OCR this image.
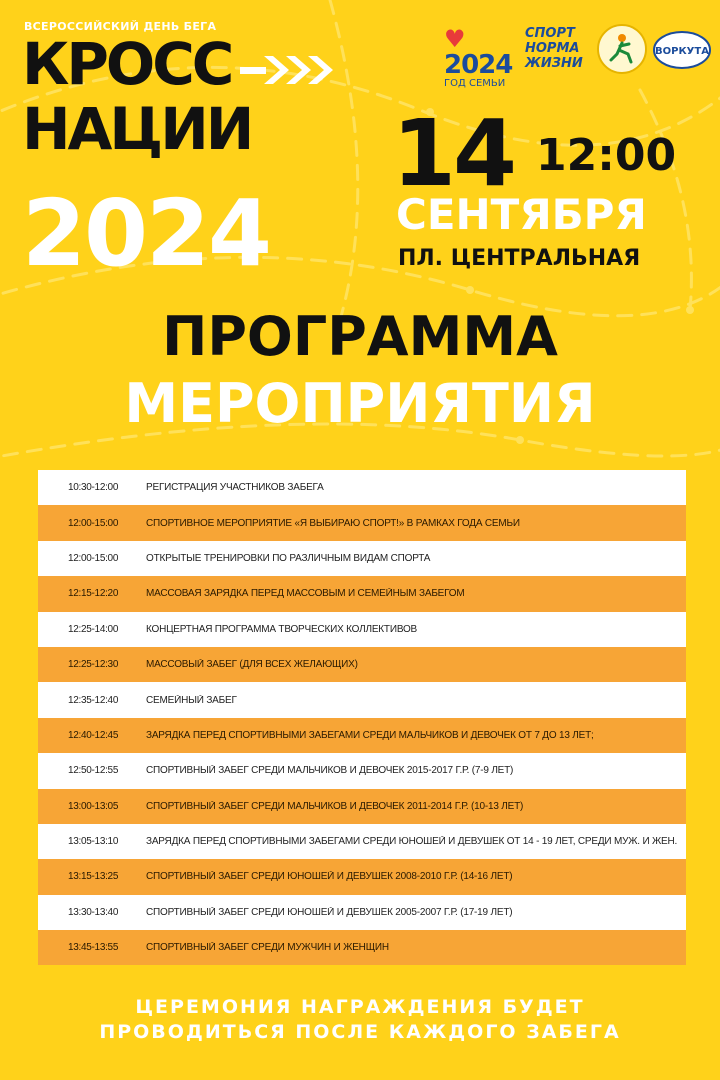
ВСЕРОССИЙСКИЙ ДЕНЬ БЕГА
КРОСС
НАЦИИ
2024
♥2024
ГОД СЕМЬИ
СПОРТ
НОРМА
ЖИЗНИ
ВОРКУТА
14 12:00
СЕНТЯБРЯ
ПЛ. ЦЕНТРАЛЬНАЯ
ПРОГРАММА
МЕРОПРИЯТИЯ
10:30-12:00	РЕГИСТРАЦИЯ УЧАСТНИКОВ ЗАБЕГА
12:00-15:00	СПОРТИВНОЕ МЕРОПРИЯТИЕ «Я ВЫБИРАЮ СПОРТ!» В РАМКАХ ГОДА СЕМЬИ
12:00-15:00	ОТКРЫТЫЕ ТРЕНИРОВКИ ПО РАЗЛИЧНЫМ ВИДАМ СПОРТА
12:15-12:20	МАССОВАЯ ЗАРЯДКА ПЕРЕД МАССОВЫМ И СЕМЕЙНЫМ ЗАБЕГОМ
12:25-14:00	КОНЦЕРТНАЯ ПРОГРАММА ТВОРЧЕСКИХ КОЛЛЕКТИВОВ
12:25-12:30	МАССОВЫЙ ЗАБЕГ (ДЛЯ ВСЕХ ЖЕЛАЮЩИХ)
12:35-12:40	СЕМЕЙНЫЙ ЗАБЕГ
12:40-12:45	ЗАРЯДКА ПЕРЕД СПОРТИВНЫМИ ЗАБЕГАМИ СРЕДИ МАЛЬЧИКОВ И ДЕВОЧЕК ОТ 7 ДО 13 ЛЕТ;
12:50-12:55	СПОРТИВНЫЙ ЗАБЕГ СРЕДИ МАЛЬЧИКОВ И ДЕВОЧЕК 2015-2017 Г.Р. (7-9 ЛЕТ)
13:00-13:05	СПОРТИВНЫЙ ЗАБЕГ СРЕДИ МАЛЬЧИКОВ И ДЕВОЧЕК 2011-2014 Г.Р. (10-13 ЛЕТ)
13:05-13:10	ЗАРЯДКА ПЕРЕД СПОРТИВНЫМИ ЗАБЕГАМИ СРЕДИ ЮНОШЕЙ И ДЕВУШЕК ОТ 14 - 19 ЛЕТ, СРЕДИ МУЖ. И ЖЕН.
13:15-13:25	СПОРТИВНЫЙ ЗАБЕГ СРЕДИ ЮНОШЕЙ И ДЕВУШЕК 2008-2010 Г.Р. (14-16 ЛЕТ)
13:30-13:40	СПОРТИВНЫЙ ЗАБЕГ СРЕДИ ЮНОШЕЙ И ДЕВУШЕК 2005-2007 Г.Р. (17-19 ЛЕТ)
13:45-13:55	СПОРТИВНЫЙ ЗАБЕГ СРЕДИ МУЖЧИН И ЖЕНЩИН
ЦЕРЕМОНИЯ НАГРАЖДЕНИЯ БУДЕТ
ПРОВОДИТЬСЯ ПОСЛЕ КАЖДОГО ЗАБЕГА
